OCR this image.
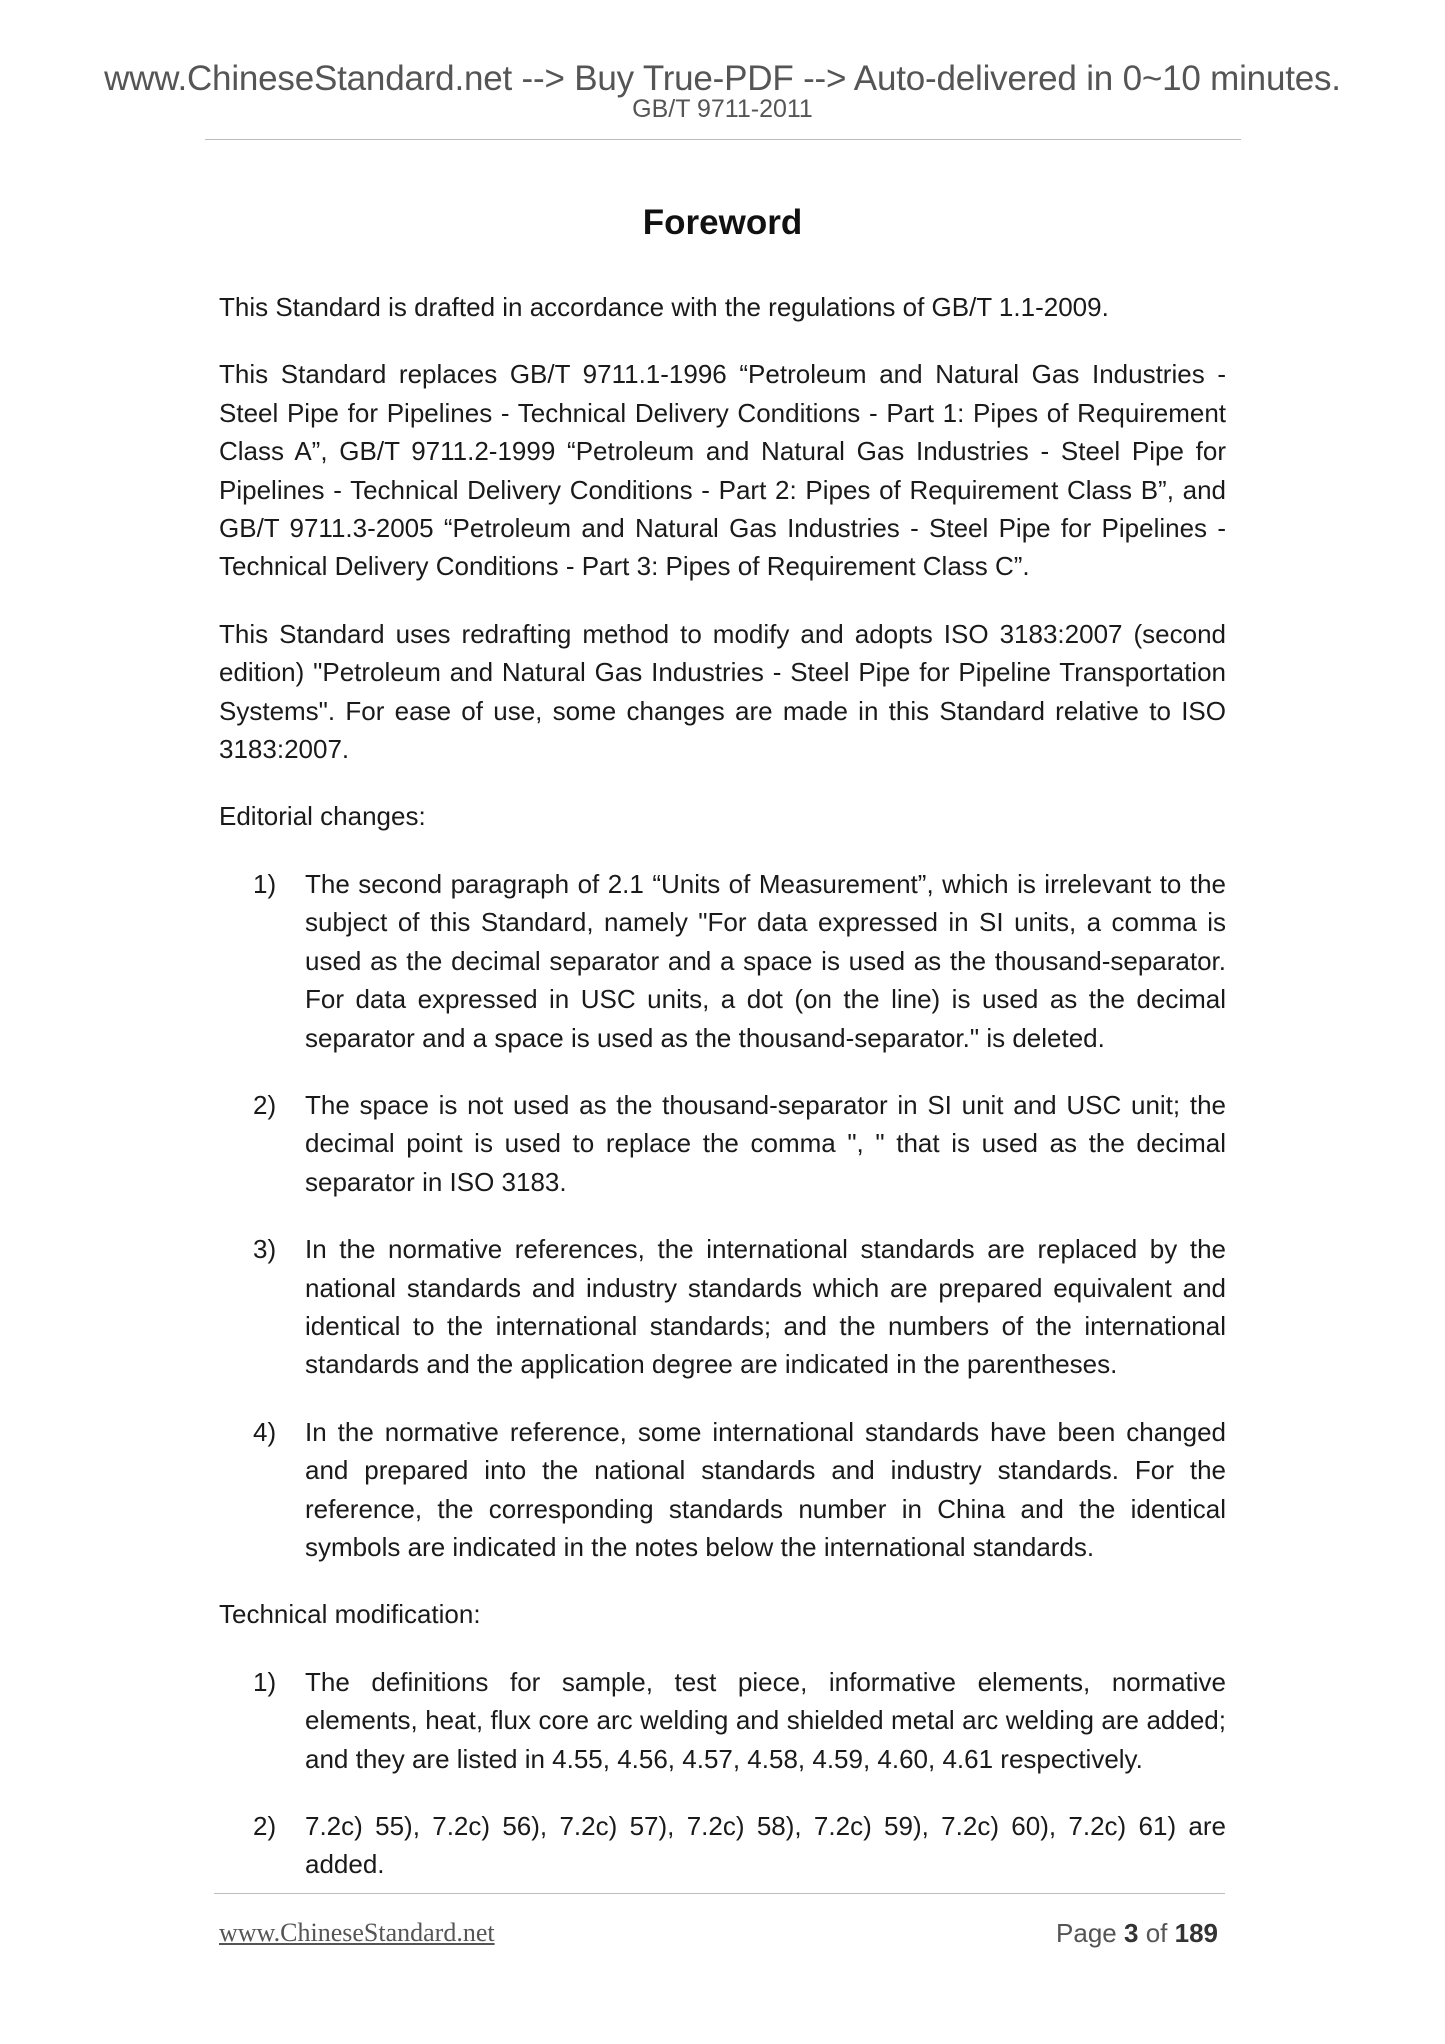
www.ChineseStandard.net --> Buy True-PDF --> Auto-delivered in 0~10 minutes.
GB/T 9711-2011
Foreword

This Standard is drafted in accordance with the regulations of GB/T 1.1-2009.

This Standard replaces GB/T 9711.1-1996 “Petroleum and Natural Gas Industries - Steel Pipe for Pipelines - Technical Delivery Conditions - Part 1: Pipes of Requirement Class A”, GB/T 9711.2-1999 “Petroleum and Natural Gas Industries - Steel Pipe for Pipelines - Technical Delivery Conditions - Part 2: Pipes of Requirement Class B”, and GB/T 9711.3-2005 “Petroleum and Natural Gas Industries - Steel Pipe for Pipelines - Technical Delivery Conditions - Part 3: Pipes of Requirement Class C”.

This Standard uses redrafting method to modify and adopts ISO 3183:2007 (second edition) "Petroleum and Natural Gas Industries - Steel Pipe for Pipeline Transportation Systems". For ease of use, some changes are made in this Standard relative to ISO 3183:2007.

Editorial changes:

1) The second paragraph of 2.1 “Units of Measurement”, which is irrelevant to the subject of this Standard, namely "For data expressed in SI units, a comma is used as the decimal separator and a space is used as the thousand-separator. For data expressed in USC units, a dot (on the line) is used as the decimal separator and a space is used as the thousand-separator." is deleted.
2) The space is not used as the thousand-separator in SI unit and USC unit; the decimal point is used to replace the comma ", " that is used as the decimal separator in ISO 3183.
3) In the normative references, the international standards are replaced by the national standards and industry standards which are prepared equivalent and identical to the international standards; and the numbers of the international standards and the application degree are indicated in the parentheses.
4) In the normative reference, some international standards have been changed and prepared into the national standards and industry standards. For the reference, the corresponding standards number in China and the identical symbols are indicated in the notes below the international standards.

Technical modification:

1) The definitions for sample, test piece, informative elements, normative elements, heat, flux core arc welding and shielded metal arc welding are added; and they are listed in 4.55, 4.56, 4.57, 4.58, 4.59, 4.60, 4.61 respectively.
2) 7.2c) 55), 7.2c) 56), 7.2c) 57), 7.2c) 58), 7.2c) 59), 7.2c) 60), 7.2c) 61) are added.
www.ChineseStandard.net	Page 3 of 189
